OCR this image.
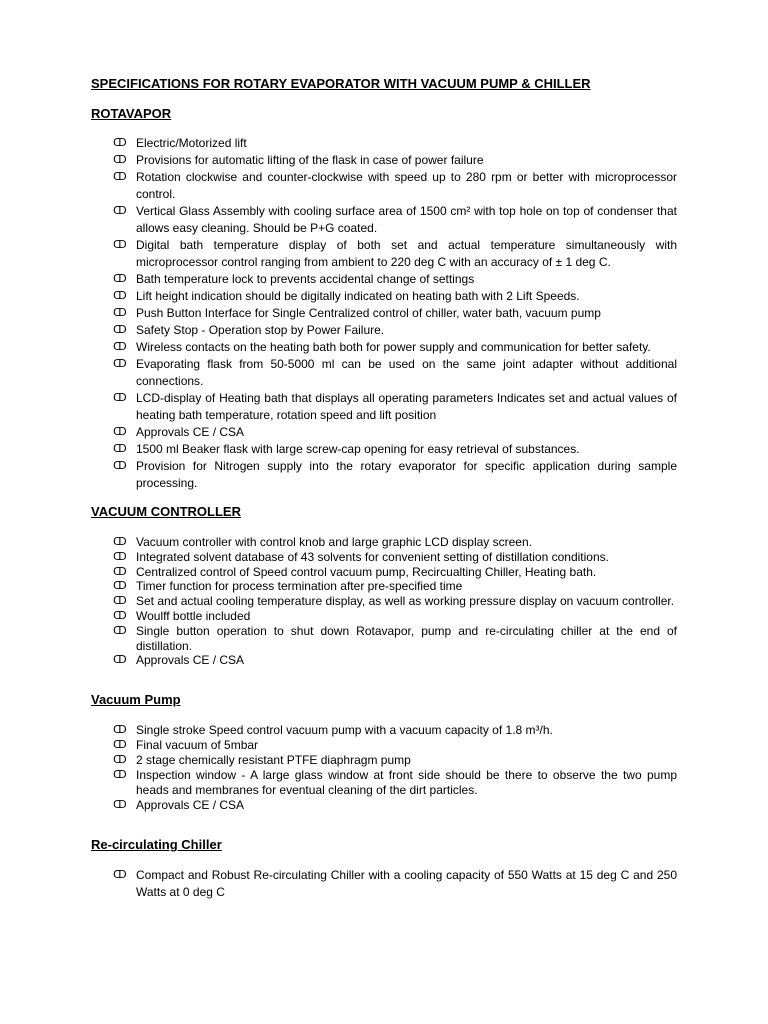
SPECIFICATIONS FOR ROTARY EVAPORATOR WITH VACUUM PUMP & CHILLER
ROTAVAPOR
ↀ Electric/Motorized lift
ↀ Provisions for automatic lifting of the flask in case of power failure
ↀ Rotation clockwise and counter-clockwise with speed up to 280 rpm or better with microprocessor control.
ↀ Vertical Glass Assembly with cooling surface area of 1500 cm² with top hole on top of condenser that allows easy cleaning. Should be P+G coated.
ↀ Digital bath temperature display of both set and actual temperature simultaneously with microprocessor control ranging from ambient to 220 deg C with an accuracy of ± 1 deg C.
ↀ Bath temperature lock to prevents accidental change of settings
ↀ Lift height indication should be digitally indicated on heating bath with 2 Lift Speeds.
ↀ Push Button Interface for Single Centralized control of chiller, water bath, vacuum pump
ↀ Safety Stop - Operation stop by Power Failure.
ↀ Wireless contacts on the heating bath both for power supply and communication for better safety.
ↀ Evaporating flask from 50-5000 ml can be used on the same joint adapter without additional connections.
ↀ LCD-display of Heating bath that displays all operating parameters Indicates set and actual values of heating bath temperature, rotation speed and lift position
ↀ Approvals CE / CSA
ↀ 1500 ml Beaker flask with large screw-cap opening for easy retrieval of substances.
ↀ Provision for Nitrogen supply into the rotary evaporator for specific application during sample processing.
VACUUM CONTROLLER
ↀ Vacuum controller with control knob and large graphic LCD display screen.
ↀ Integrated solvent database of 43 solvents for convenient setting of distillation conditions.
ↀ Centralized control of Speed control vacuum pump, Recircualting Chiller, Heating bath.
ↀ Timer function for process termination after pre-specified time
ↀ Set and actual cooling temperature display, as well as working pressure display on vacuum controller.
ↀ Woulff bottle included
ↀ Single button operation to shut down Rotavapor, pump and re-circulating chiller at the end of distillation.
ↀ Approvals CE / CSA
Vacuum Pump
ↀ Single stroke Speed control vacuum pump with a vacuum capacity of 1.8 m³/h.
ↀ Final vacuum of 5mbar
ↀ 2 stage chemically resistant PTFE diaphragm pump
ↀ Inspection window - A large glass window at front side should be there to observe the two pump heads and membranes for eventual cleaning of the dirt particles.
ↀ Approvals CE / CSA
Re-circulating Chiller
ↀ Compact and Robust Re-circulating Chiller with a cooling capacity of 550 Watts at 15 deg C and 250 Watts at 0 deg C
